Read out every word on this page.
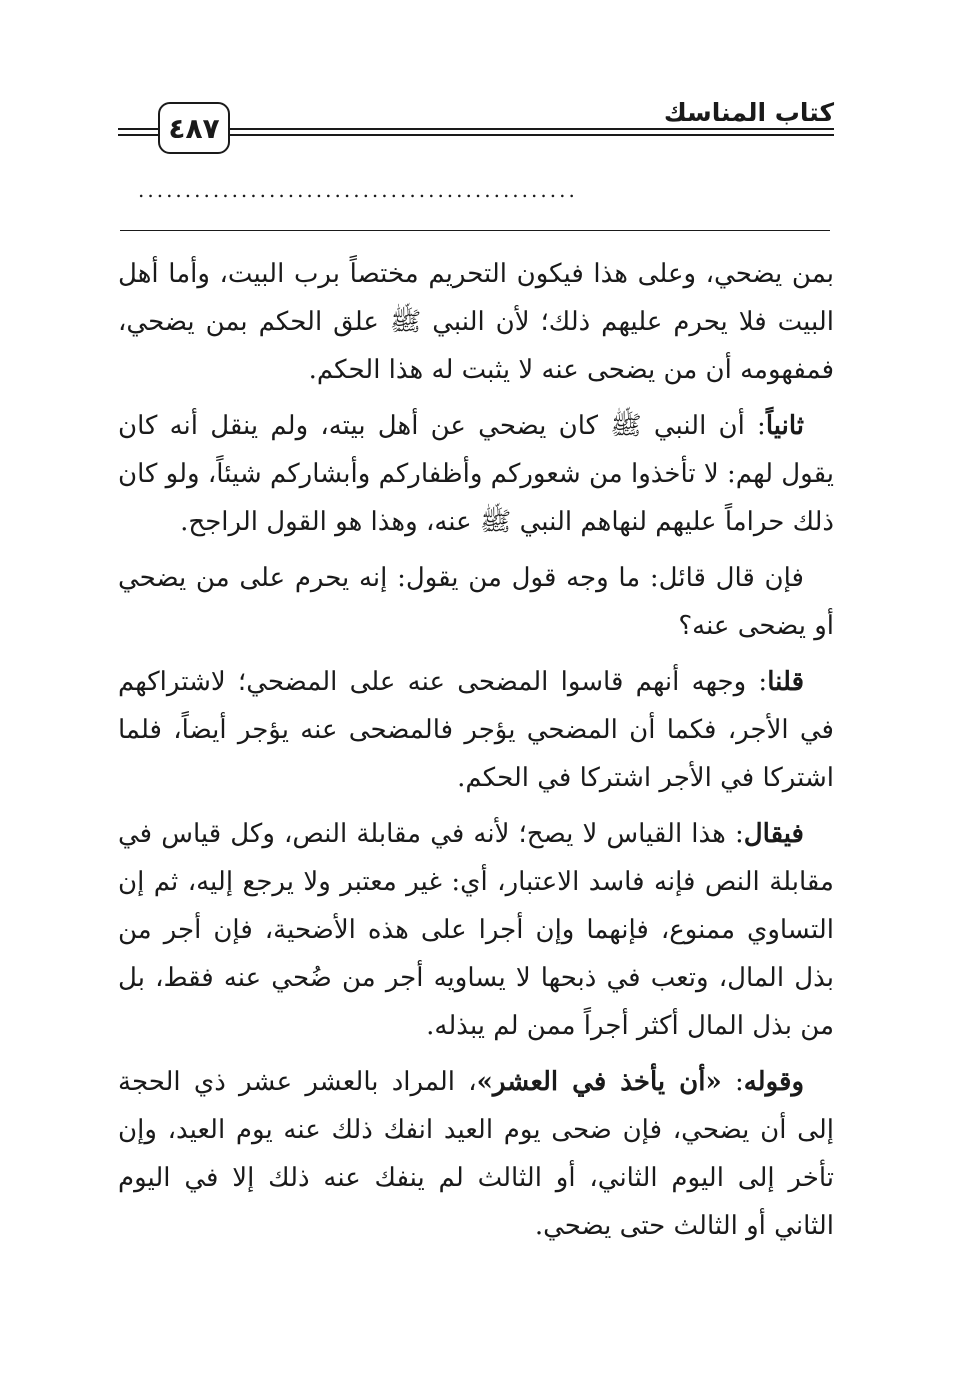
٤٨٧	كتاب المناسك
...............................................

بمن يضحي، وعلى هذا فيكون التحريم مختصاً برب البيت، وأما أهل البيت فلا يحرم عليهم ذلك؛ لأن النبي ﷺ علق الحكم بمن يضحي، فمفهومه أن من يضحى عنه لا يثبت له هذا الحكم.

ثانياً: أن النبي ﷺ كان يضحي عن أهل بيته، ولم ينقل أنه كان يقول لهم: لا تأخذوا من شعوركم وأظفاركم وأبشاركم شيئاً، ولو كان ذلك حراماً عليهم لنهاهم النبي ﷺ عنه، وهذا هو القول الراجح.

فإن قال قائل: ما وجه قول من يقول: إنه يحرم على من يضحي أو يضحى عنه؟

قلنا: وجهه أنهم قاسوا المضحى عنه على المضحي؛ لاشتراكهم في الأجر، فكما أن المضحي يؤجر فالمضحى عنه يؤجر أيضاً، فلما اشتركا في الأجر اشتركا في الحكم.

فيقال: هذا القياس لا يصح؛ لأنه في مقابلة النص، وكل قياس في مقابلة النص فإنه فاسد الاعتبار، أي: غير معتبر ولا يرجع إليه، ثم إن التساوي ممنوع، فإنهما وإن أجرا على هذه الأضحية، فإن أجر من بذل المال، وتعب في ذبحها لا يساويه أجر من ضُحي عنه فقط، بل من بذل المال أكثر أجراً ممن لم يبذله.

وقوله: «أن يأخذ في العشر»، المراد بالعشر عشر ذي الحجة إلى أن يضحي، فإن ضحى يوم العيد انفك ذلك عنه يوم العيد، وإن تأخر إلى اليوم الثاني، أو الثالث لم ينفك عنه ذلك إلا في اليوم الثاني أو الثالث حتى يضحي.
